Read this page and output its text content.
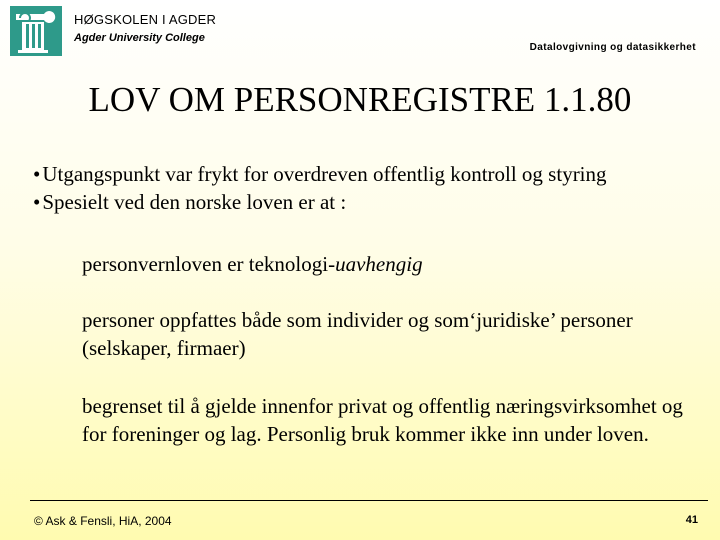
HØGSKOLEN I AGDER
Agder University College
Datalovgivning og datasikkerhet
LOV OM PERSONREGISTRE 1.1.80
• Utgangspunkt var frykt for overdreven offentlig kontroll og styring
• Spesielt ved den norske loven er at :

personvernloven er teknologi-uavhengig

personer oppfattes både som individer og som‘juridiske’ personer (selskaper, firmaer)

begrenset til å gjelde innenfor privat og offentlig næringsvirksomhet og for foreninger og lag. Personlig bruk kommer ikke inn under loven.

© Ask & Fensli, HiA, 2004	41
